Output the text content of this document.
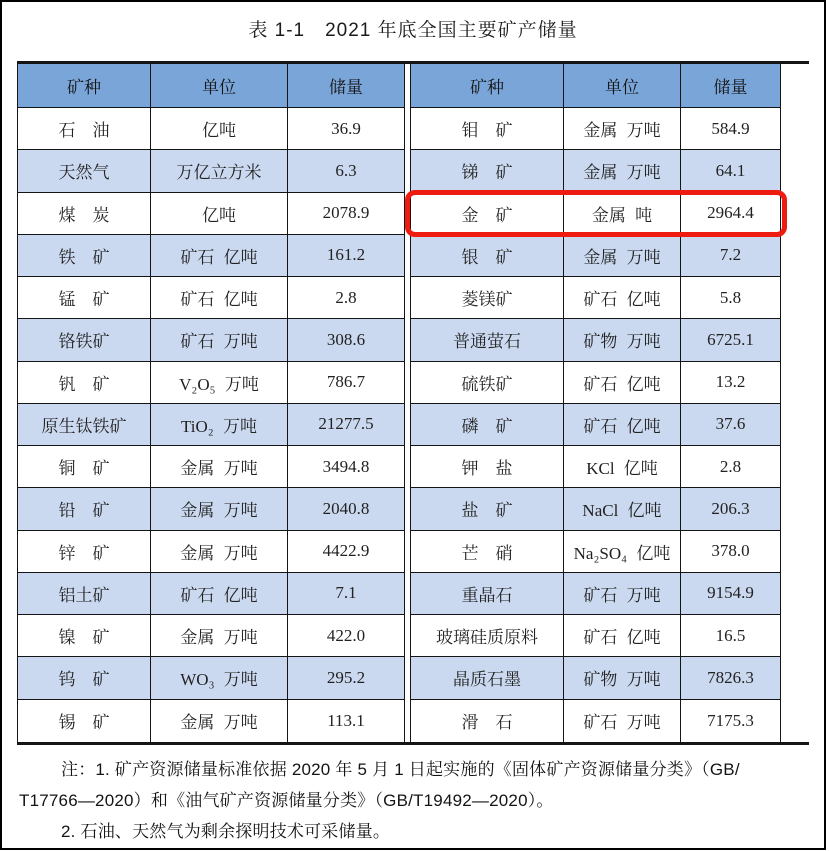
表 1-1　2021 年底全国主要矿产储量
矿种	单位	储量
石　油	亿吨	36.9
天然气	万亿立方米	6.3
煤　炭	亿吨	2078.9
铁　矿	矿石 亿吨	161.2
锰　矿	矿石 亿吨	2.8
铬铁矿	矿石 万吨	308.6
钒　矿	V₂O₅ 万吨	786.7
原生钛铁矿	TiO₂ 万吨	21277.5
铜　矿	金属 万吨	3494.8
铅　矿	金属 万吨	2040.8
锌　矿	金属 万吨	4422.9
铝土矿	矿石 亿吨	7.1
镍　矿	金属 万吨	422.0
钨　矿	WO₃ 万吨	295.2
锡　矿	金属 万吨	113.1
矿种	单位	储量
钼　矿	金属 万吨	584.9
锑　矿	金属 万吨	64.1
金　矿	金属 吨	2964.4
银　矿	金属 万吨	7.2
菱镁矿	矿石 亿吨	5.8
普通萤石	矿物 万吨	6725.1
硫铁矿	矿石 亿吨	13.2
磷　矿	矿石 亿吨	37.6
钾　盐	KCl 亿吨	2.8
盐　矿	NaCl 亿吨	206.3
芒　硝	Na₂SO₄ 亿吨	378.0
重晶石	矿石 万吨	9154.9
玻璃硅质原料	矿石 亿吨	16.5
晶质石墨	矿物 万吨	7826.3
滑　石	矿石 万吨	7175.3
注：1. 矿产资源储量标准依据 2020 年 5 月 1 日起实施的《固体矿产资源储量分类》（GB/
T17766—2020）和《油气矿产资源储量分类》（GB/T19492—2020）。
2. 石油、天然气为剩余探明技术可采储量。
